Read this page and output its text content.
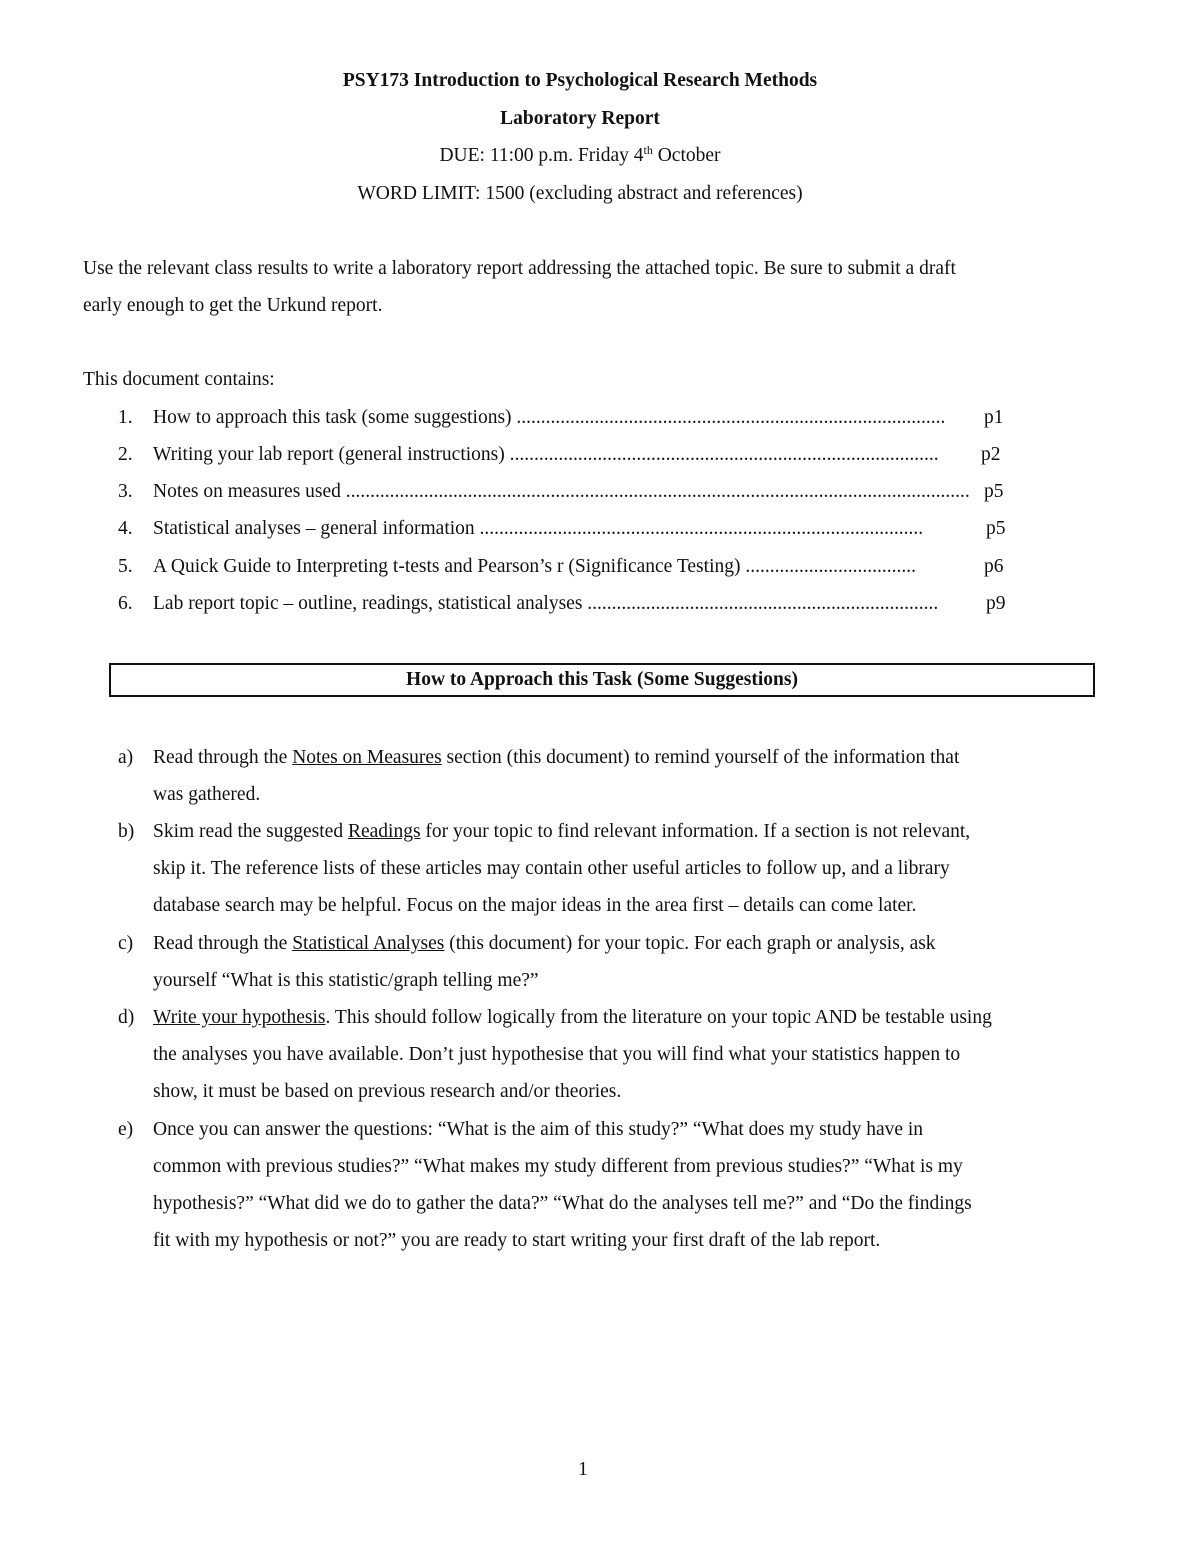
PSY173 Introduction to Psychological Research Methods
Laboratory Report
DUE: 11:00 p.m. Friday 4th October
WORD LIMIT: 1500 (excluding abstract and references)
Use the relevant class results to write a laboratory report addressing the attached topic. Be sure to submit a draft
early enough to get the Urkund report.
This document contains:
1. How to approach this task (some suggestions) ........................................................................................	p1
2. Writing your lab report (general instructions) ........................................................................................	p2
3. Notes on measures used ................................................................................................................................ p5
4. Statistical analyses – general information ...........................................................................................	p5
5. A Quick Guide to Interpreting t-tests and Pearson’s r (Significance Testing) ...................................	p6
6. Lab report topic – outline, readings, statistical analyses ........................................................................	p9
How to Approach this Task (Some Suggestions)
a) Read through the Notes on Measures section (this document) to remind yourself of the information that
was gathered.
b) Skim read the suggested Readings for your topic to find relevant information. If a section is not relevant,
skip it. The reference lists of these articles may contain other useful articles to follow up, and a library
database search may be helpful. Focus on the major ideas in the area first – details can come later.
c) Read through the Statistical Analyses (this document) for your topic. For each graph or analysis, ask
yourself “What is this statistic/graph telling me?”
d) Write your hypothesis. This should follow logically from the literature on your topic AND be testable using
the analyses you have available. Don’t just hypothesise that you will find what your statistics happen to
show, it must be based on previous research and/or theories.
e) Once you can answer the questions: “What is the aim of this study?” “What does my study have in
common with previous studies?” “What makes my study different from previous studies?” “What is my
hypothesis?” “What did we do to gather the data?” “What do the analyses tell me?” and “Do the findings
fit with my hypothesis or not?” you are ready to start writing your first draft of the lab report.
1
